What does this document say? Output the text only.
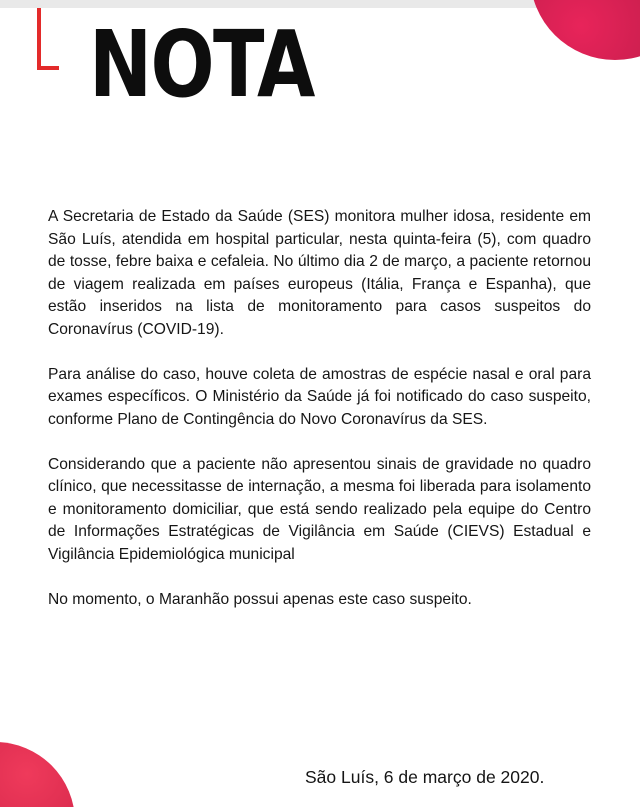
NOTA

A Secretaria de Estado da Saúde (SES) monitora mulher idosa, residente em São Luís, atendida em hospital particular, nesta quinta-feira (5), com quadro de tosse, febre baixa e cefaleia. No último dia 2 de março, a paciente retornou de viagem realizada em países europeus (Itália, França e Espanha), que estão inseridos na lista de monitoramento para casos suspeitos do Coronavírus (COVID-19).

Para análise do caso, houve coleta de amostras de espécie nasal e oral para exames específicos. O Ministério da Saúde já foi notificado do caso suspeito, conforme Plano de Contingência do Novo Coronavírus da SES.

Considerando que a paciente não apresentou sinais de gravidade no quadro clínico, que necessitasse de internação, a mesma foi liberada para isolamento e monitoramento domiciliar, que está sendo realizado pela equipe do Centro de Informações Estratégicas de Vigilância em Saúde (CIEVS) Estadual e Vigilância Epidemiológica municipal

No momento, o Maranhão possui apenas este caso suspeito.

São Luís, 6 de março de 2020.
